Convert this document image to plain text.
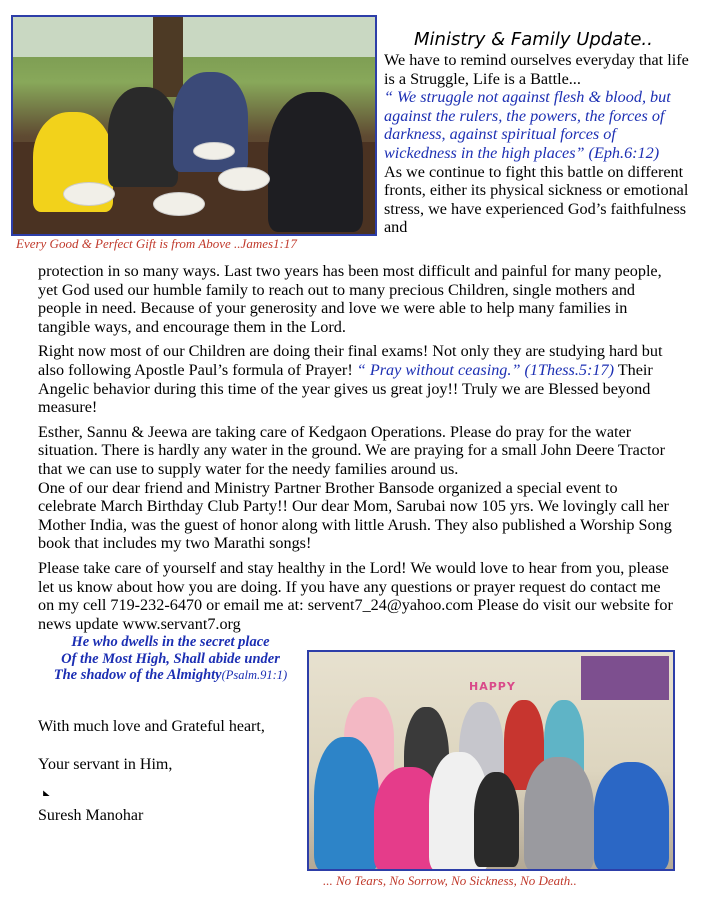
Every Good & Perfect Gift is from Above ..James1:17
Ministry & Family Update..

We have to remind ourselves everyday that life is a Struggle, Life is a Battle...

“ We struggle not against flesh & blood, but against the rulers, the powers, the forces of darkness, against spiritual forces of wickedness in the high places” (Eph.6:12)

As we continue to fight this battle on different fronts, either its physical sickness or emotional stress, we have experienced God’s faithfulness and

protection in so many ways. Last two years has been most difficult and painful for many people, yet God used our humble family to reach out to many precious Children, single mothers and people in need. Because of your generosity and love we were able to help many families in tangible ways, and encourage them in the Lord.

Right now most of our Children are doing their final exams! Not only they are studying hard but also following Apostle Paul’s formula of Prayer! “ Pray without ceasing.” (1Thess.5:17) Their Angelic behavior during this time of the year gives us great joy!! Truly we are Blessed beyond measure!

Esther, Sannu & Jeewa are taking care of Kedgaon Operations. Please do pray for the water situation. There is hardly any water in the ground. We are praying for a small John Deere Tractor that we can use to supply water for the needy families around us.

One of our dear friend and Ministry Partner Brother Bansode organized a special event to celebrate March Birthday Club Party!! Our dear Mom, Sarubai now 105 yrs. We lovingly call her Mother India, was the guest of honor along with little Arush. They also published a Worship Song book that includes my two Marathi songs!

Please take care of yourself and stay healthy in the Lord! We would love to hear from you, please let us know about how you are doing. If you have any questions or prayer request do contact me on my cell 719-232-6470 or email me at: servent7_24@yahoo.com Please do visit our website for news update www.servant7.org

He who dwells in the secret place
Of the Most High, Shall abide under
The shadow of the Almighty(Psalm.91:1)
With much love and Grateful heart,
Your servant in Him,
𝅋
Suresh Manohar
HAPPY
... No Tears, No Sorrow, No Sickness, No Death..
